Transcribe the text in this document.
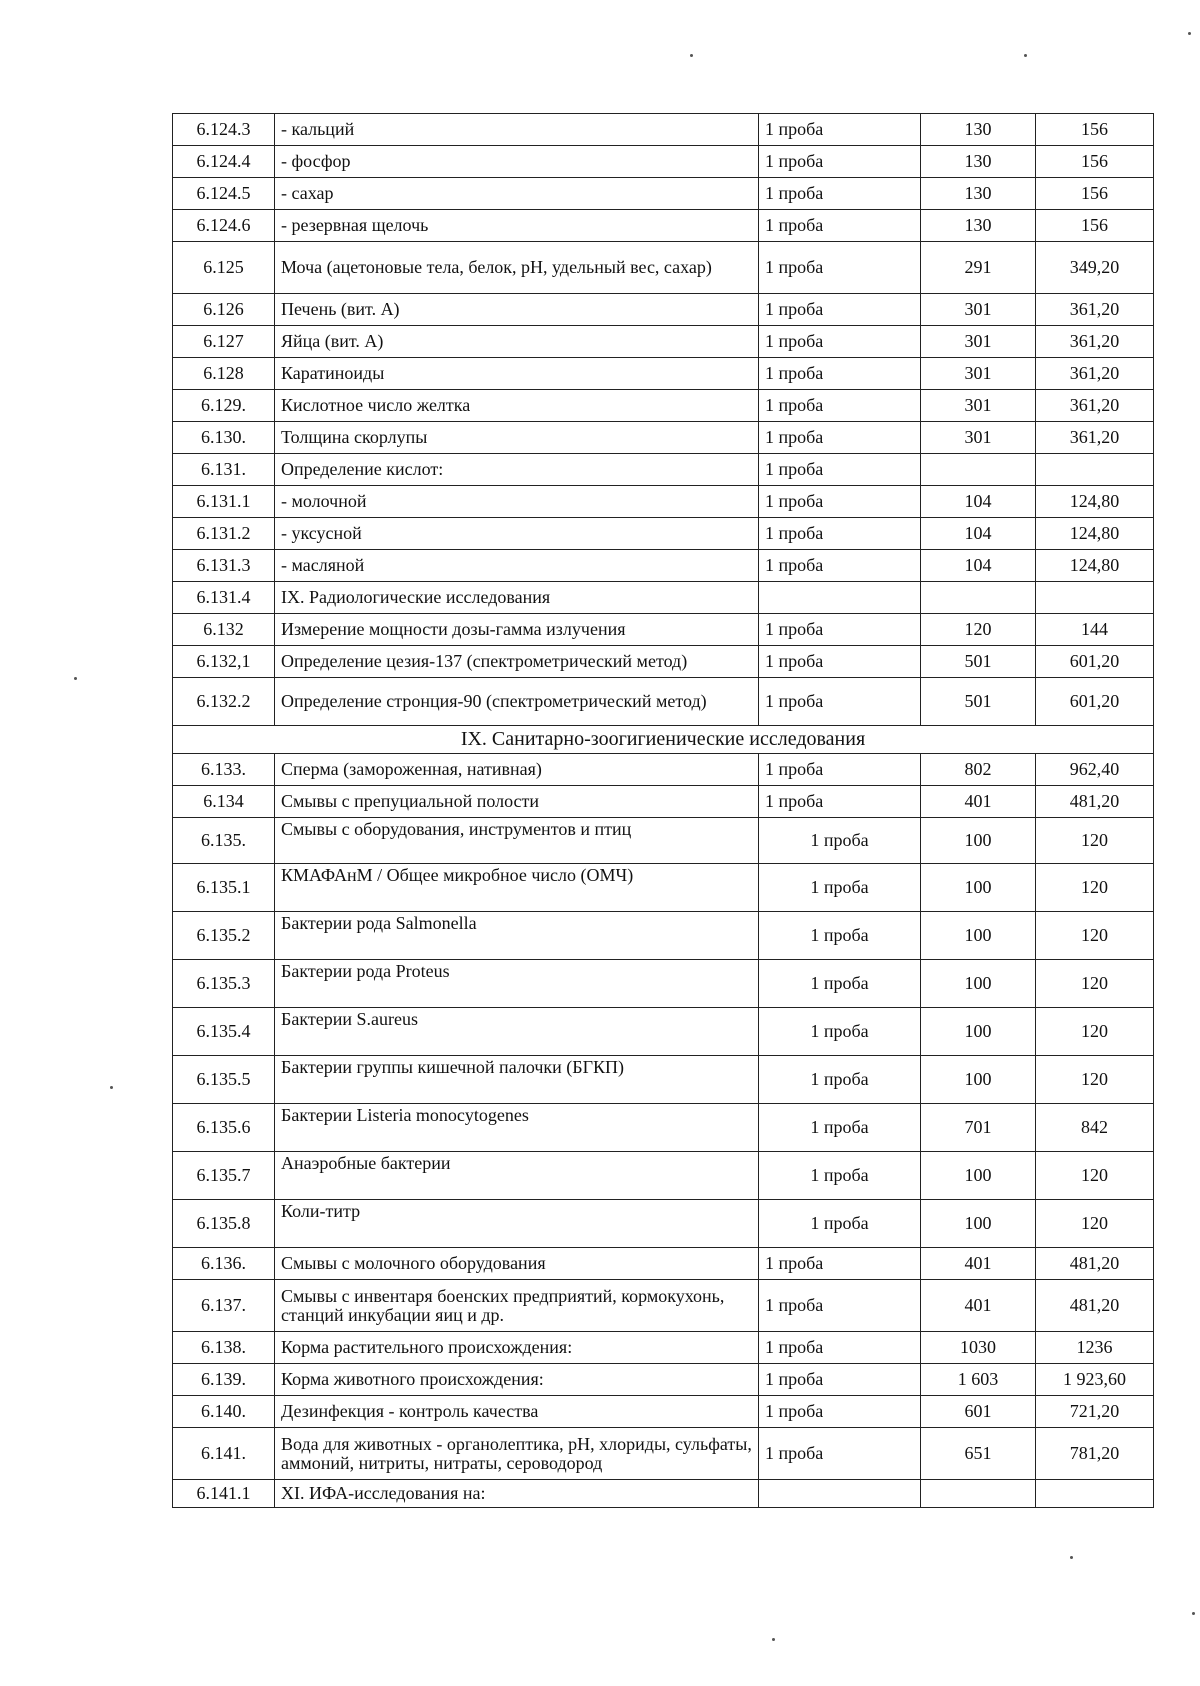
6.124.3	- кальций	1 проба	130	156
6.124.4	- фосфор	1 проба	130	156
6.124.5	- сахар	1 проба	130	156
6.124.6	- резервная щелочь	1 проба	130	156
6.125	Моча (ацетоновые тела, белок, pH, удельный вес, сахар)	1 проба	291	349,20
6.126	Печень (вит. А)	1 проба	301	361,20
6.127	Яйца (вит. А)	1 проба	301	361,20
6.128	Каратиноиды	1 проба	301	361,20
6.129.	Кислотное число желтка	1 проба	301	361,20
6.130.	Толщина скорлупы	1 проба	301	361,20
6.131.	Определение кислот:	1 проба		
6.131.1	- молочной	1 проба	104	124,80
6.131.2	- уксусной	1 проба	104	124,80
6.131.3	- масляной	1 проба	104	124,80
6.131.4	IX. Радиологические исследования			
6.132	Измерение мощности дозы-гамма излучения	1 проба	120	144
6.132,1	Определение цезия-137 (спектрометрический метод)	1 проба	501	601,20
6.132.2	Определение стронция-90 (спектрометрический метод)	1 проба	501	601,20
IX. Санитарно-зоогигиенические исследования				
6.133.	Сперма (замороженная, нативная)	1 проба	802	962,40
6.134	Смывы с препуциальной полости	1 проба	401	481,20
6.135.	Смывы с оборудования, инструментов и птиц	1 проба	100	120
6.135.1	КМАФАнМ / Общее микробное число (ОМЧ)	1 проба	100	120
6.135.2	Бактерии рода Salmonella	1 проба	100	120
6.135.3	Бактерии рода Proteus	1 проба	100	120
6.135.4	Бактерии S.aureus	1 проба	100	120
6.135.5	Бактерии группы кишечной палочки (БГКП)	1 проба	100	120
6.135.6	Бактерии Listeria monocytogenes	1 проба	701	842
6.135.7	Анаэробные бактерии	1 проба	100	120
6.135.8	Коли-титр	1 проба	100	120
6.136.	Смывы с молочного оборудования	1 проба	401	481,20
6.137.	Смывы с инвентаря боенских предприятий, кормокухонь, станций инкубации яиц и др.	1 проба	401	481,20
6.138.	Корма растительного происхождения:	1 проба	1030	1236
6.139.	Корма животного происхождения:	1 проба	1 603	1 923,60
6.140.	Дезинфекция - контроль качества	1 проба	601	721,20
6.141.	Вода для животных - органолептика, pH, хлориды, сульфаты, аммоний, нитриты, нитраты, сероводород	1 проба	651	781,20
6.141.1	XI. ИФА-исследования на:			
